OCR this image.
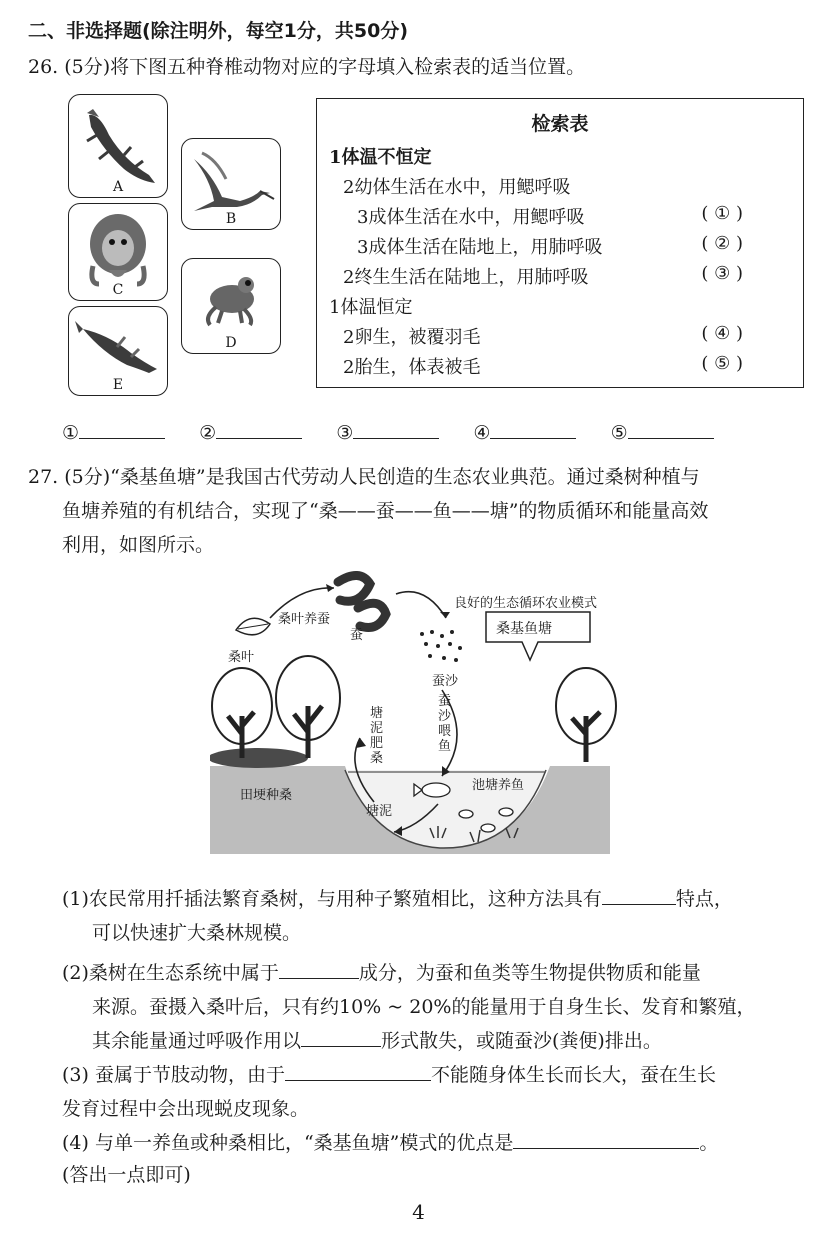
二、非选择题(除注明外，每空1分，共50分)
26. (5分)将下图五种脊椎动物对应的字母填入检索表的适当位置。
A
B
C
D
E
检索表
1体温不恒定
2幼体生活在水中，用鳃呼吸
3成体生活在水中，用鳃呼吸	( ① )
3成体生活在陆地上，用肺呼吸	( ② )
2终生生活在陆地上，用肺呼吸	( ③ )
1体温恒定
2卵生，被覆羽毛	( ④ )
2胎生，体表被毛	( ⑤ )
①	②	③	④	⑤
27. (5分)“桑基鱼塘”是我国古代劳动人民创造的生态农业典范。通过桑树种植与
鱼塘养殖的有机结合，实现了“桑——蚕——鱼——塘”的物质循环和能量高效
利用，如图所示。
桑叶
桑叶养蚕
蚕
良好的生态循环农业模式
桑基鱼塘
蚕沙
蚕沙喂鱼
塘泥肥桑
田埂种桑
池塘养鱼
塘泥
(1)农民常用扦插法繁育桑树，与用种子繁殖相比，这种方法具有	特点，
可以快速扩大桑林规模。
(2)桑树在生态系统中属于	成分，为蚕和鱼类等生物提供物质和能量
来源。蚕摄入桑叶后，只有约10% ~ 20%的能量用于自身生长、发育和繁殖，
其余能量通过呼吸作用以	形式散失，或随蚕沙(粪便)排出。
(3) 蚕属于节肢动物，由于	不能随身体生长而长大，蚕在生长
发育过程中会出现蜕皮现象。
(4) 与单一养鱼或种桑相比，“桑基鱼塘”模式的优点是	。
(答出一点即可)
4
